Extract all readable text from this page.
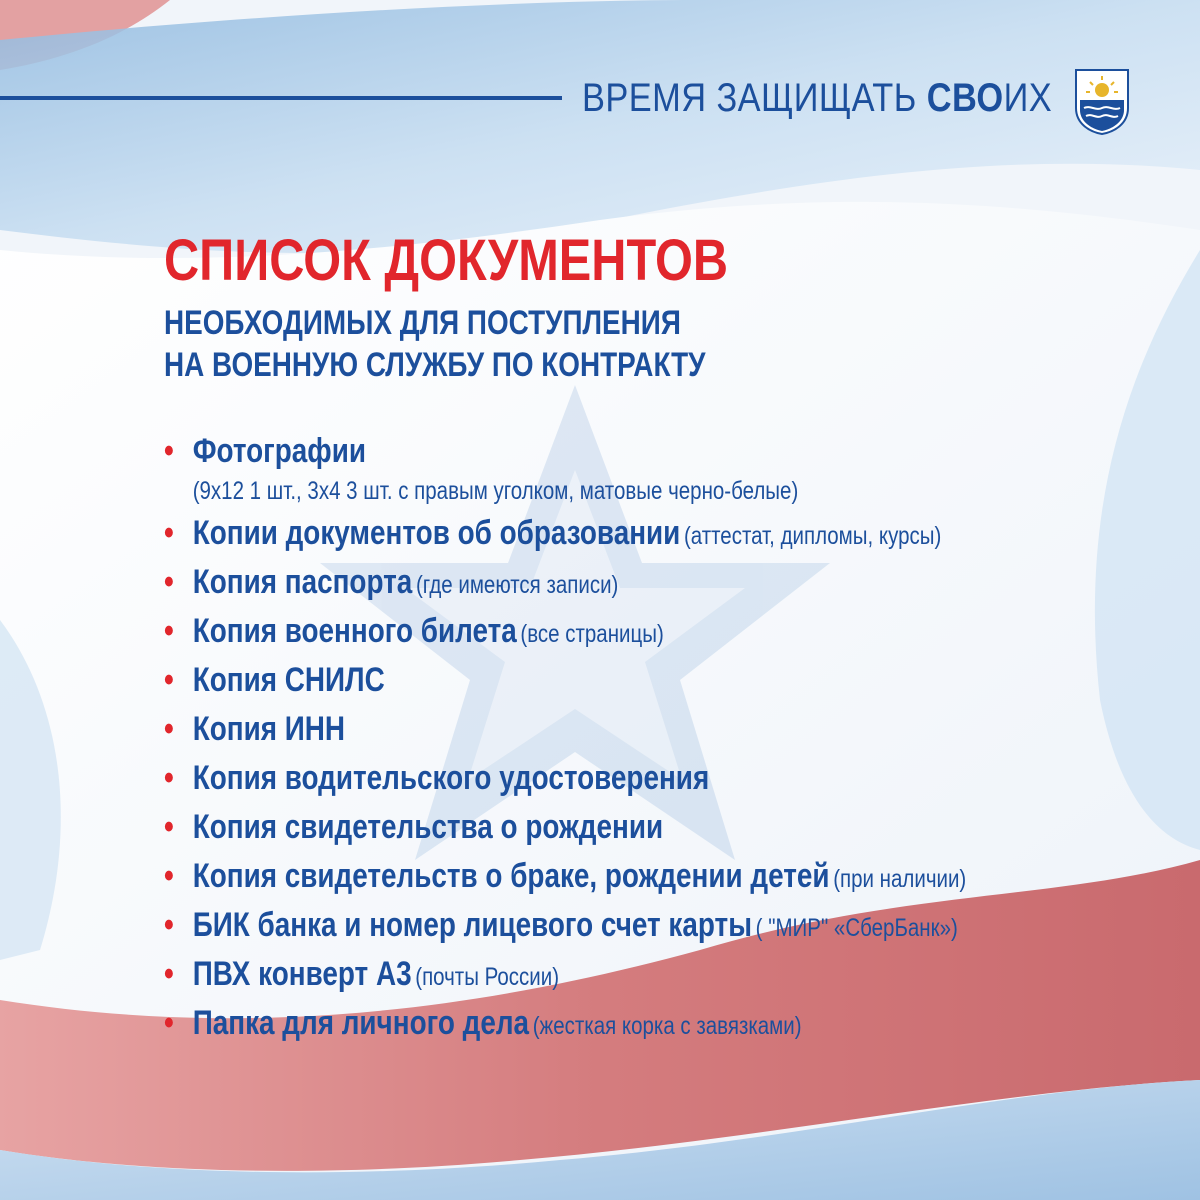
ВРЕМЯ ЗАЩИЩАТЬ СВОИХ
СПИСОК ДОКУМЕНТОВ
НЕОБХОДИМЫХ ДЛЯ ПОСТУПЛЕНИЯ
НА ВОЕННУЮ СЛУЖБУ ПО КОНТРАКТУ
• Фотографии
(9х12 1 шт., 3х4 3 шт. с правым уголком, матовые черно-белые)
• Копии документов об образовании (аттестат, дипломы, курсы)
• Копия паспорта (где имеются записи)
• Копия военного билета (все страницы)
• Копия СНИЛС
• Копия ИНН
• Копия водительского удостоверения
• Копия свидетельства о рождении
• Копия свидетельств о браке, рождении детей (при наличии)
• БИК банка и номер лицевого счет карты ( "МИР" «СберБанк»)
• ПВХ конверт А3 (почты России)
• Папка для личного дела (жесткая корка с завязками)
